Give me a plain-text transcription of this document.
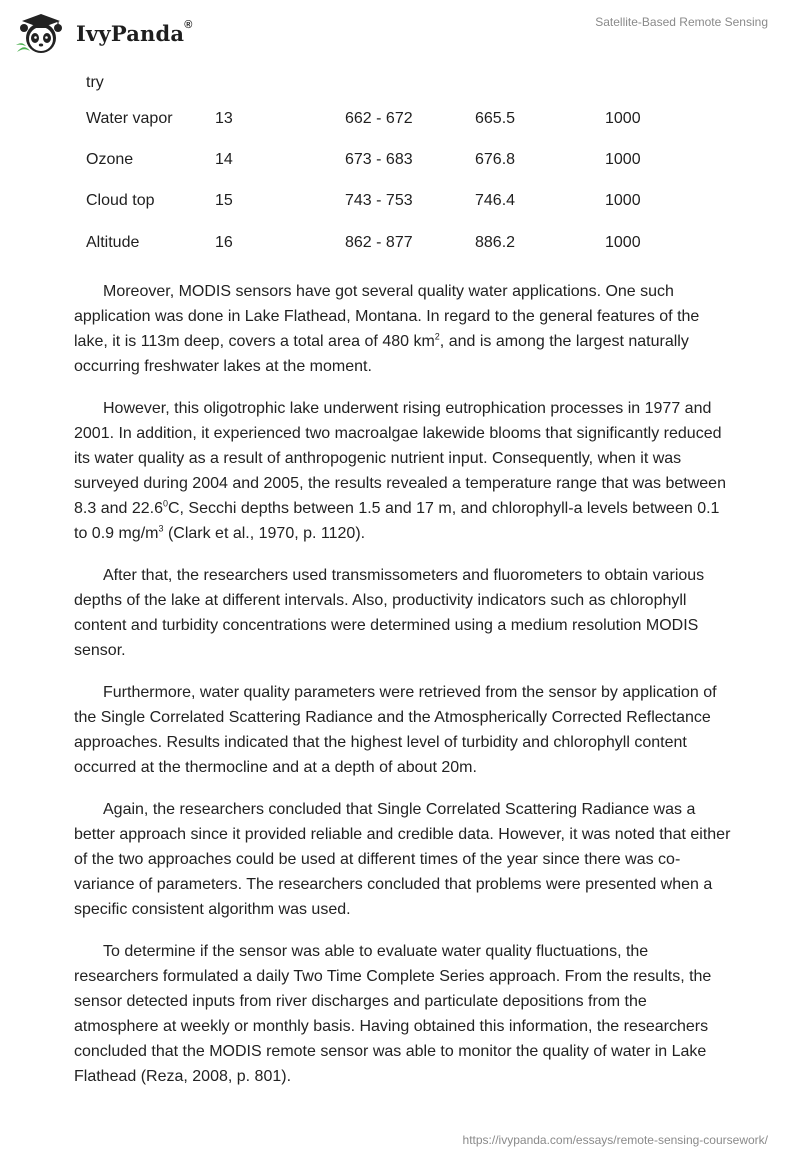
IvyPanda®	Satellite-Based Remote Sensing
try
Water vapor	13	662 - 672	665.5	1000
Ozone	14	673 - 683	676.8	1000
Cloud top	15	743 - 753	746.4	1000
Altitude	16	862 - 877	886.2	1000

Moreover, MODIS sensors have got several quality water applications. One such application was done in Lake Flathead, Montana. In regard to the general features of the lake, it is 113m deep, covers a total area of 480 $km^2$, and is among the largest naturally occurring freshwater lakes at the moment.

However, this oligotrophic lake underwent rising eutrophication processes in 1977 and 2001. In addition, it experienced two macroalgae lakewide blooms that significantly reduced its water quality as a result of anthropogenic nutrient input. Consequently, when it was surveyed during 2004 and 2005, the results revealed a temperature range that was between 8.3 and 22.6$^0$C, Secchi depths between 1.5 and 17 m, and chlorophyll-a levels between 0.1 to 0.9 $mg/m^3$ (Clark et al., 1970, p. 1120).

After that, the researchers used transmissometers and fluorometers to obtain various depths of the lake at different intervals. Also, productivity indicators such as chlorophyll content and turbidity concentrations were determined using a medium resolution MODIS sensor.

Furthermore, water quality parameters were retrieved from the sensor by application of the Single Correlated Scattering Radiance and the Atmospherically Corrected Reflectance approaches. Results indicated that the highest level of turbidity and chlorophyll content occurred at the thermocline and at a depth of about 20m.

Again, the researchers concluded that Single Correlated Scattering Radiance was a better approach since it provided reliable and credible data. However, it was noted that either of the two approaches could be used at different times of the year since there was co-variance of parameters. The researchers concluded that problems were presented when a specific consistent algorithm was used.

To determine if the sensor was able to evaluate water quality fluctuations, the researchers formulated a daily Two Time Complete Series approach. From the results, the sensor detected inputs from river discharges and particulate depositions from the atmosphere at weekly or monthly basis. Having obtained this information, the researchers concluded that the MODIS remote sensor was able to monitor the quality of water in Lake Flathead (Reza, 2008, p. 801).

https://ivypanda.com/essays/remote-sensing-coursework/
